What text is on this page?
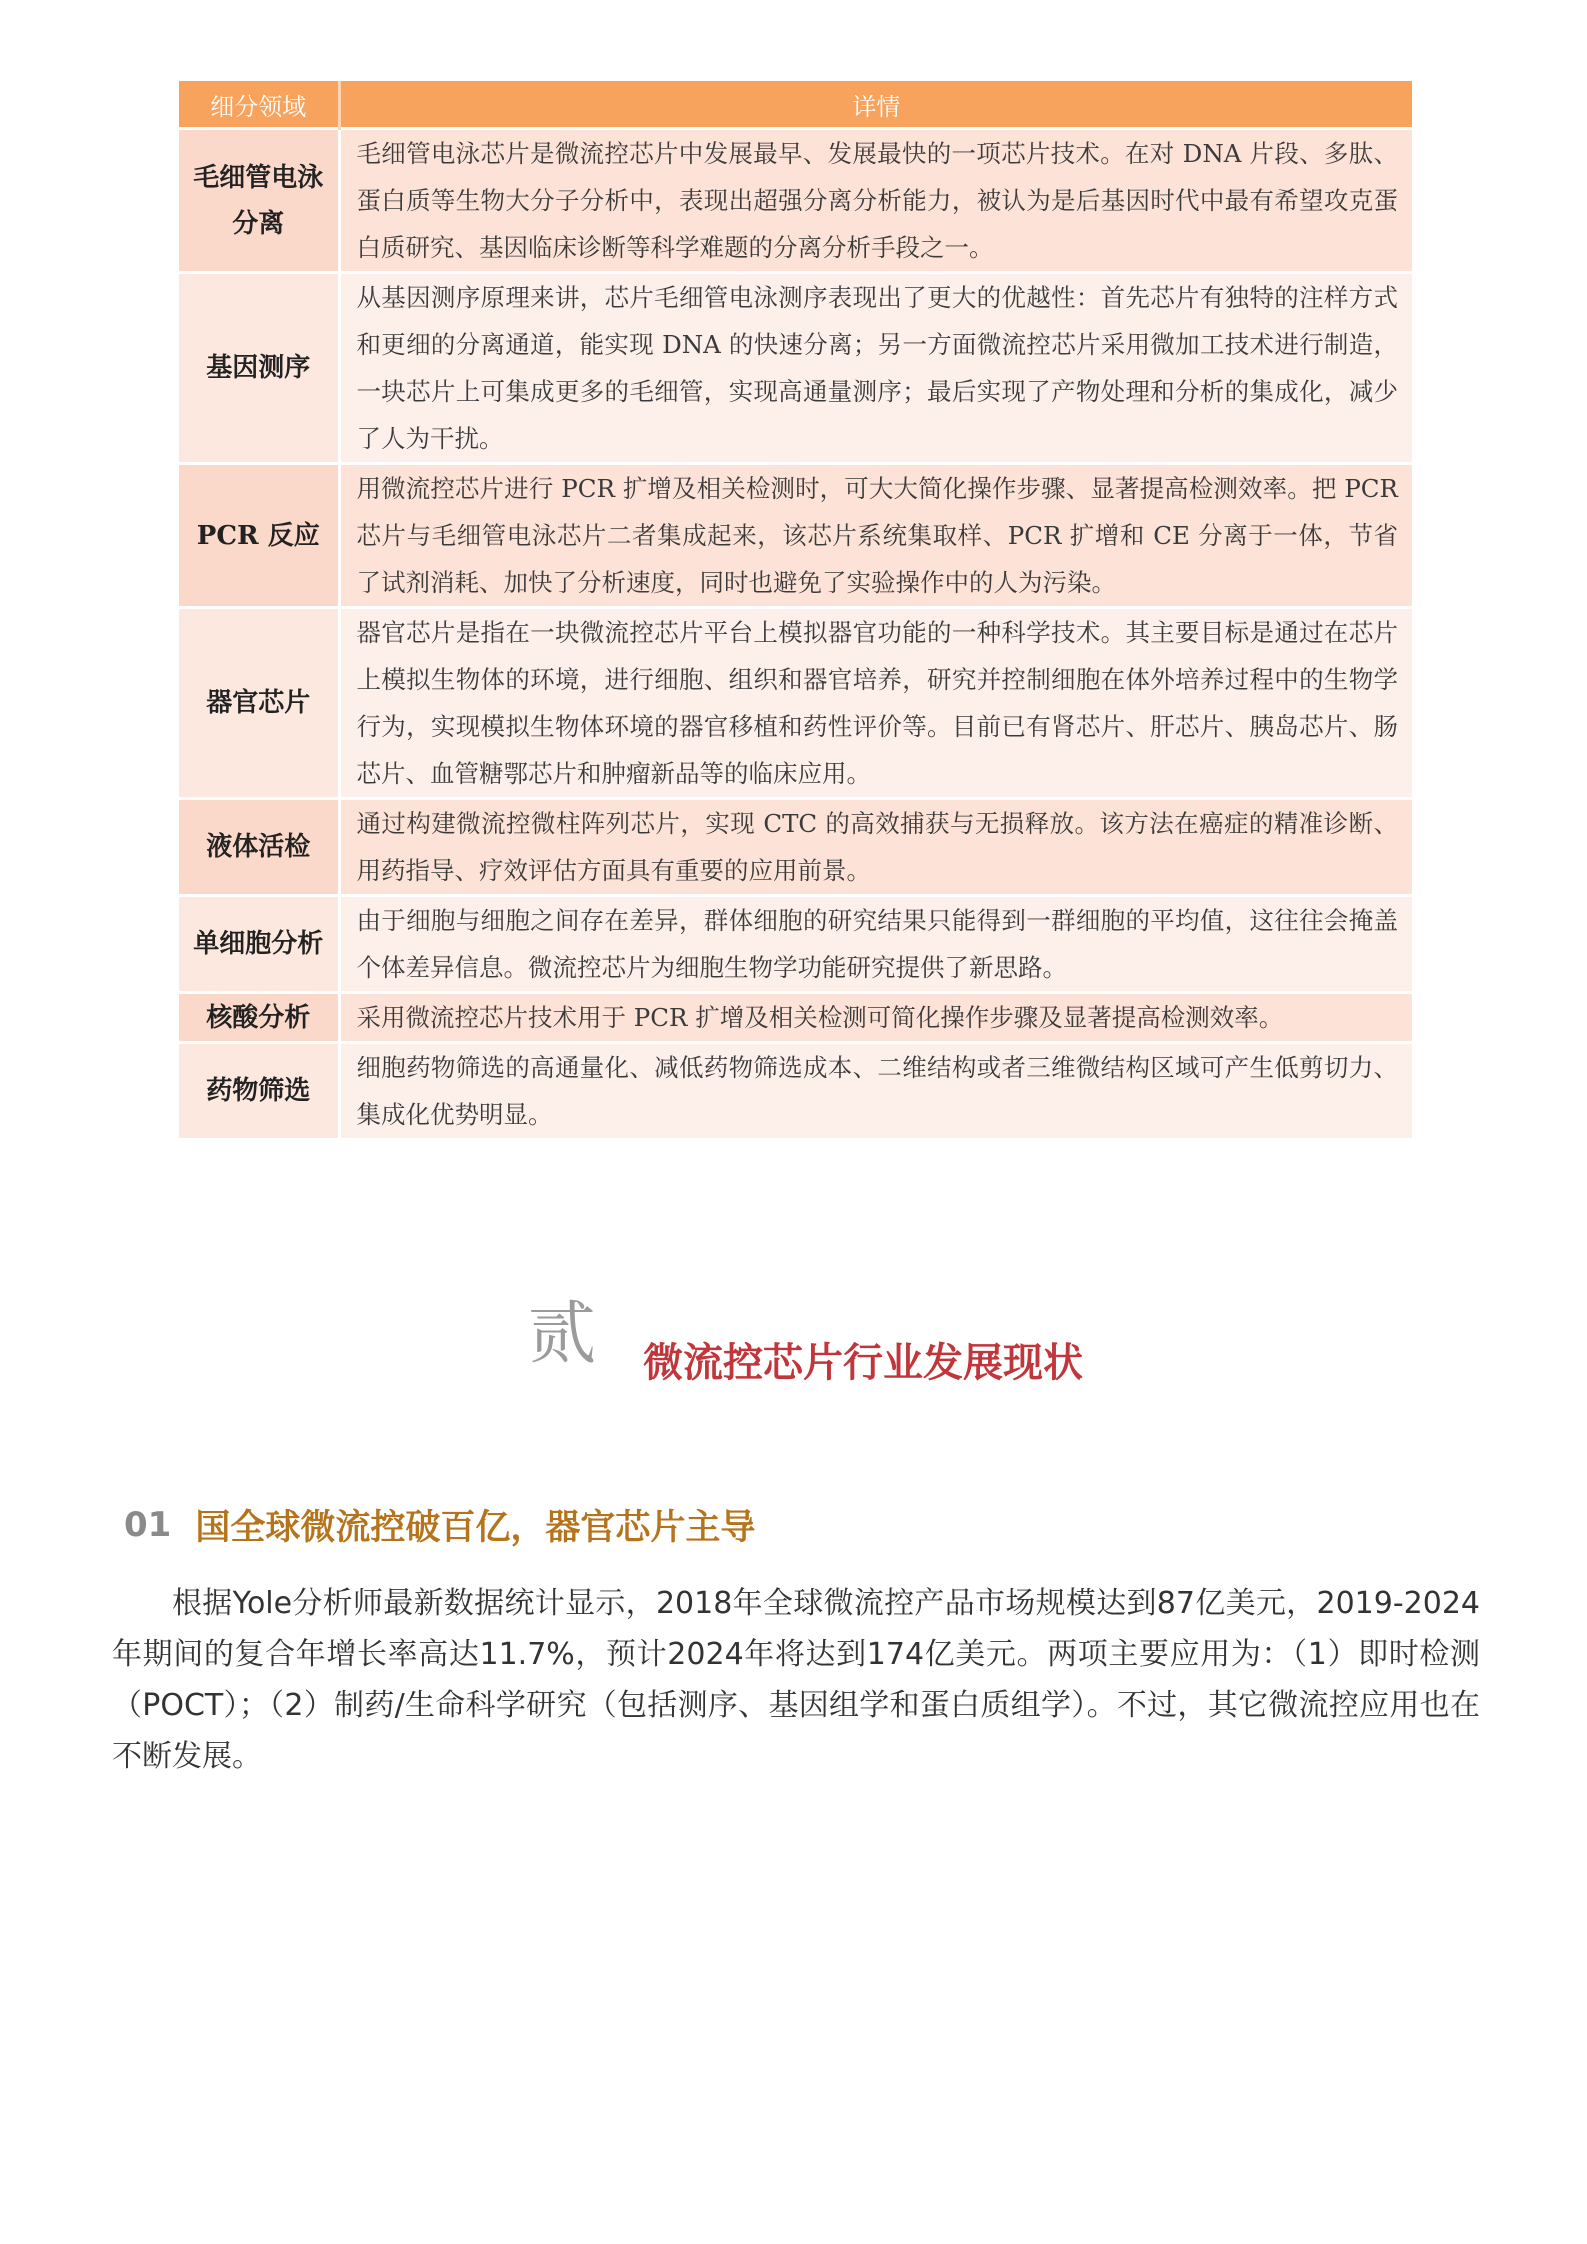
细分领域	详情
毛细管电泳分离	毛细管电泳芯片是微流控芯片中发展最早、发展最快的一项芯片技术。在对 DNA 片段、多肽、蛋白质等生物大分子分析中，表现出超强分离分析能力，被认为是后基因时代中最有希望攻克蛋白质研究、基因临床诊断等科学难题的分离分析手段之一。
基因测序	从基因测序原理来讲，芯片毛细管电泳测序表现出了更大的优越性：首先芯片有独特的注样方式和更细的分离通道，能实现 DNA 的快速分离；另一方面微流控芯片采用微加工技术进行制造，一块芯片上可集成更多的毛细管，实现高通量测序；最后实现了产物处理和分析的集成化，减少了人为干扰。
PCR 反应	用微流控芯片进行 PCR 扩增及相关检测时，可大大简化操作步骤、显著提高检测效率。把 PCR 芯片与毛细管电泳芯片二者集成起来，该芯片系统集取样、PCR 扩增和 CE 分离于一体，节省了试剂消耗、加快了分析速度，同时也避免了实验操作中的人为污染。
器官芯片	器官芯片是指在一块微流控芯片平台上模拟器官功能的一种科学技术。其主要目标是通过在芯片上模拟生物体的环境，进行细胞、组织和器官培养，研究并控制细胞在体外培养过程中的生物学行为，实现模拟生物体环境的器官移植和药性评价等。目前已有肾芯片、肝芯片、胰岛芯片、肠芯片、血管糖鄂芯片和肿瘤新品等的临床应用。
液体活检	通过构建微流控微柱阵列芯片，实现 CTC 的高效捕获与无损释放。该方法在癌症的精准诊断、用药指导、疗效评估方面具有重要的应用前景。
单细胞分析	由于细胞与细胞之间存在差异，群体细胞的研究结果只能得到一群细胞的平均值，这往往会掩盖个体差异信息。微流控芯片为细胞生物学功能研究提供了新思路。
核酸分析	采用微流控芯片技术用于 PCR 扩增及相关检测可简化操作步骤及显著提高检测效率。
药物筛选	细胞药物筛选的高通量化、减低药物筛选成本、二维结构或者三维微结构区域可产生低剪切力、集成化优势明显。
贰 微流控芯片行业发展现状
01 国全球微流控破百亿，器官芯片主导

根据Yole分析师最新数据统计显示，2018年全球微流控产品市场规模达到87亿美元，2019-2024年期间的复合年增长率高达11.7%，预计2024年将达到174亿美元。两项主要应用为：（1）即时检测（POCT）；（2）制药/生命科学研究（包括测序、基因组学和蛋白质组学）。不过，其它微流控应用也在不断发展。
